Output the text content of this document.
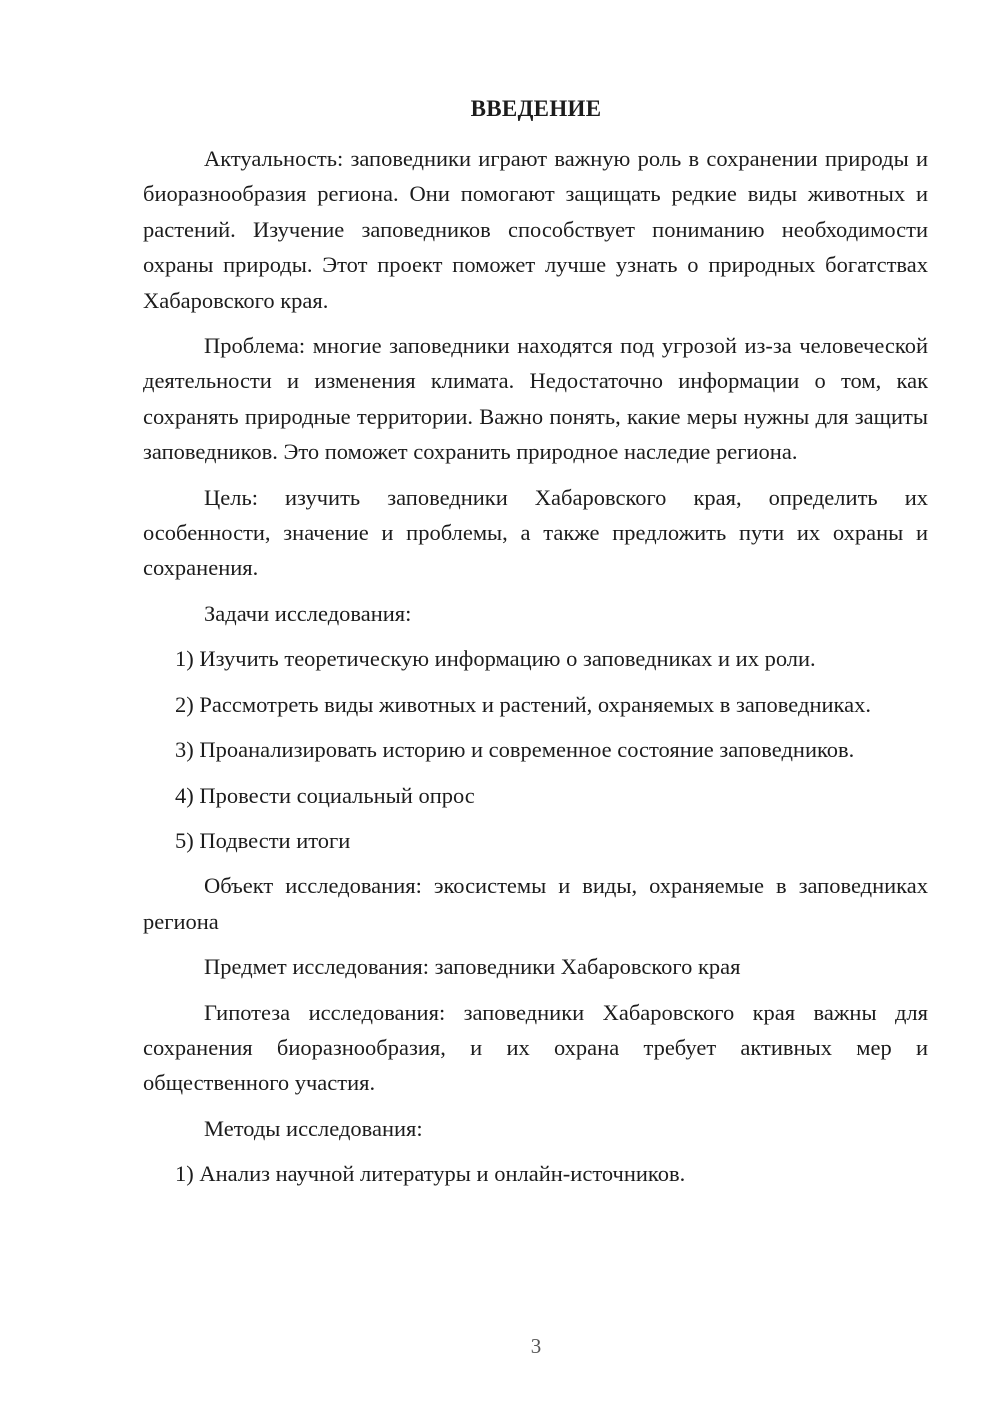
ВВЕДЕНИЕ

Актуальность: заповедники играют важную роль в сохранении природы и биоразнообразия региона. Они помогают защищать редкие виды животных и растений. Изучение заповедников способствует пониманию необходимости охраны природы. Этот проект поможет лучше узнать о природных богатствах Хабаровского края.

Проблема: многие заповедники находятся под угрозой из-за человеческой деятельности и изменения климата. Недостаточно информации о том, как сохранять природные территории. Важно понять, какие меры нужны для защиты заповедников. Это поможет сохранить природное наследие региона.

Цель: изучить заповедники Хабаровского края, определить их особенности, значение и проблемы, а также предложить пути их охраны и сохранения.

Задачи исследования:

1) Изучить теоретическую информацию о заповедниках и их роли.

2) Рассмотреть виды животных и растений, охраняемых в заповедниках.

3) Проанализировать историю и современное состояние заповедников.

4) Провести социальный опрос

5) Подвести итоги

Объект исследования: экосистемы и виды, охраняемые в заповедниках региона

Предмет исследования: заповедники Хабаровского края

Гипотеза исследования: заповедники Хабаровского края важны для сохранения биоразнообразия, и их охрана требует активных мер и общественного участия.

Методы исследования:

1) Анализ научной литературы и онлайн-источников.

3
